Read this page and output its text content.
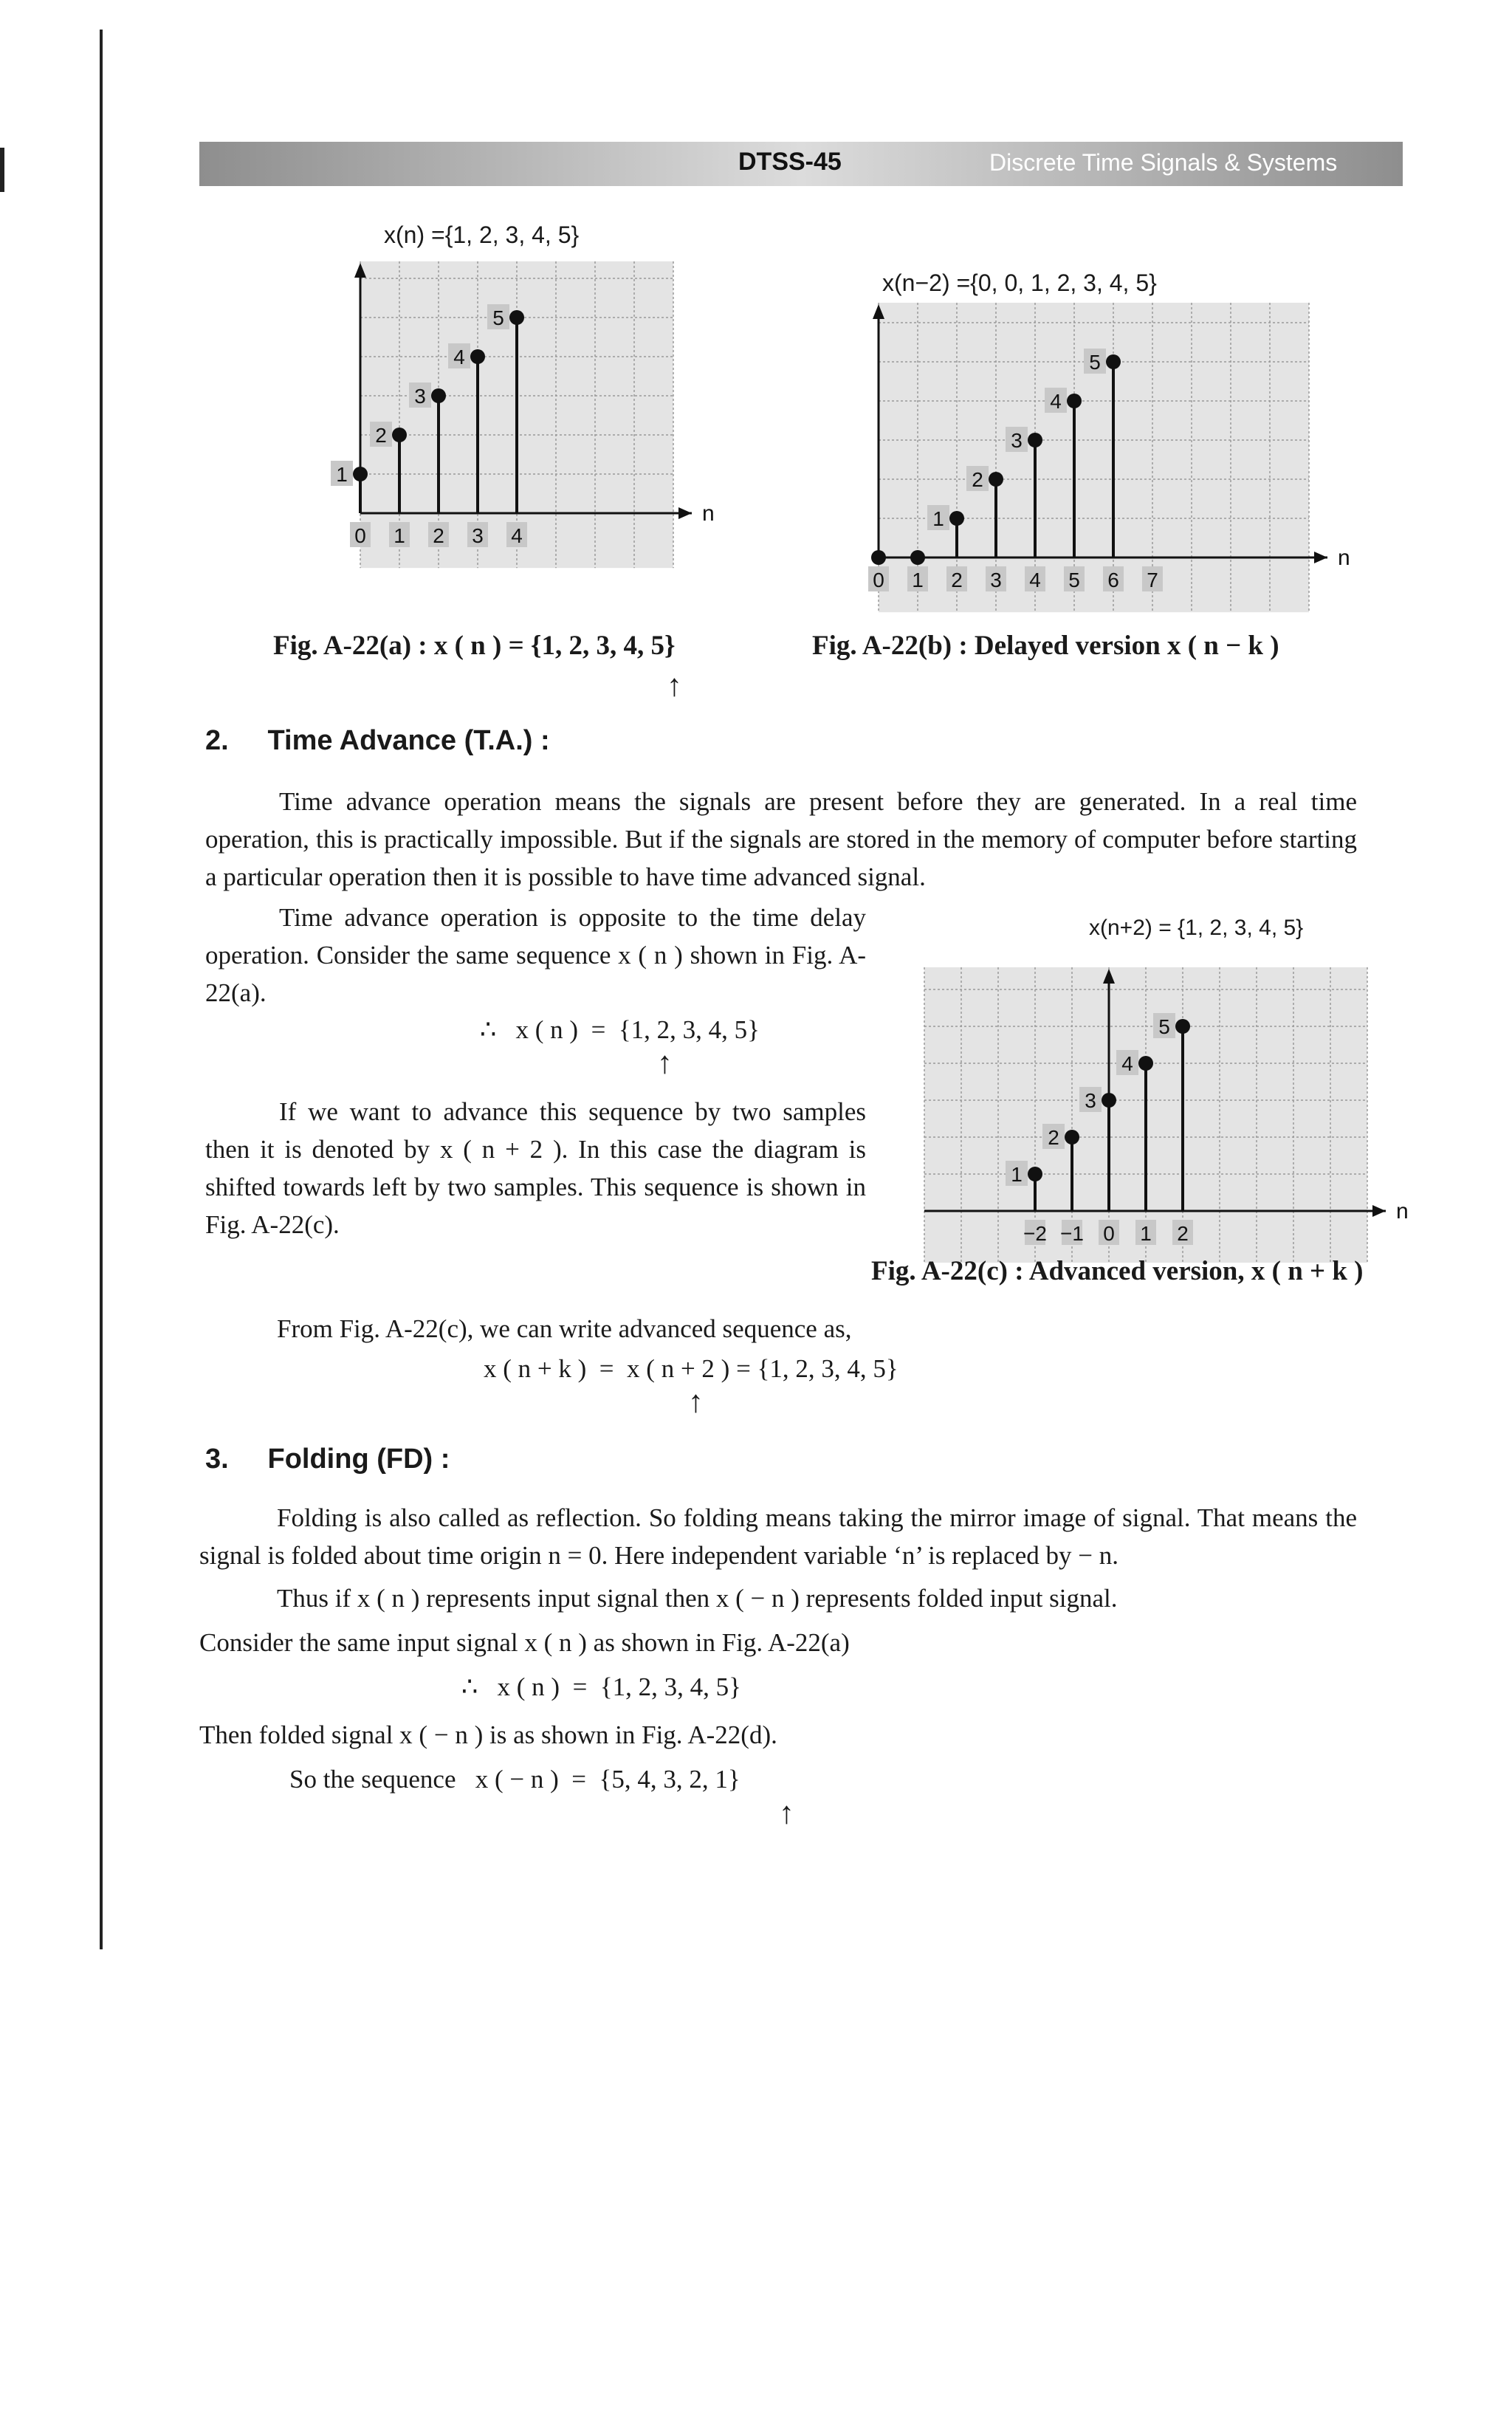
DTSS-45	Discrete Time Signals & Systems
x(n) ={1, 2, 3, 4, 5}
n
0 1 2 3 4
1
2
3
4
5
Fig. A-22(a) : x ( n ) = {1, 2, 3, 4, 5}
↑
x(n−2) ={0, 0, 1, 2, 3, 4, 5}
n
0 1 2 3 4 5 6 7
1
2
3
4
5
Fig. A-22(b) : Delayed version x ( n − k )
2.     Time Advance (T.A.) :
Time advance operation means the signals are present before they are generated. In a real time operation, this is practically impossible. But if the signals are stored in the memory of computer before starting a particular operation then it is possible to have time advanced signal.
Time advance operation is opposite to the time delay operation. Consider the same sequence x ( n ) shown in Fig. A-22(a).
∴   x ( n )  =  {1, 2, 3, 4, 5}
↑
If we want to advance this sequence by two samples then it is denoted by x ( n + 2 ). In this case the diagram is shifted towards left by two samples. This sequence is shown in Fig. A-22(c).
x(n+2) = {1, 2, 3, 4, 5}
n
−2 −1 0 1 2
1
2
3
4
5
Fig. A-22(c) : Advanced version, x ( n + k )
From Fig. A-22(c), we can write advanced sequence as,
x ( n + k )  =  x ( n + 2 ) = {1, 2, 3, 4, 5}
↑
3.     Folding (FD) :
Folding is also called as reflection. So folding means taking the mirror image of signal. That means the signal is folded about time origin n = 0. Here independent variable ‘n’ is replaced by − n.
Thus if x ( n ) represents input signal then x ( − n ) represents folded input signal.
Consider the same input signal x ( n ) as shown in Fig. A-22(a)
∴   x ( n )  =  {1, 2, 3, 4, 5}
Then folded signal x ( − n ) is as shown in Fig. A-22(d).
So the sequence   x ( − n )  =  {5, 4, 3, 2, 1}
↑
